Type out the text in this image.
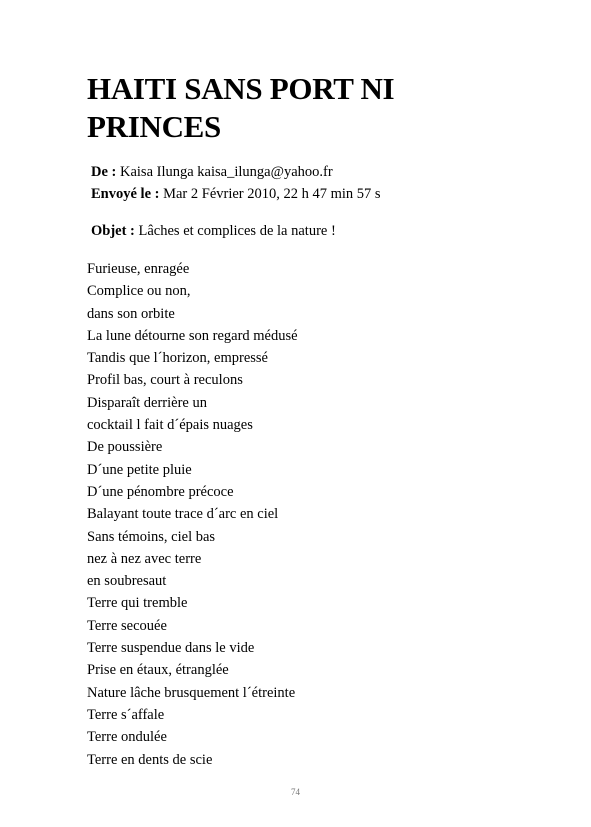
HAITI SANS PORT NI PRINCES
De : Kaisa Ilunga kaisa_ilunga@yahoo.fr
Envoyé le : Mar 2 Février 2010, 22 h 47 min 57 s
Objet : Lâches et complices de la nature !
Furieuse, enragée
Complice ou non,
dans son orbite
La lune détourne son regard médusé
Tandis que l´horizon, empressé
Profil bas, court à reculons
Disparaît derrière un
cocktail l fait d´épais nuages
De poussière
D´une petite pluie
D´une pénombre précoce
Balayant toute trace d´arc en ciel
Sans témoins, ciel bas
nez à nez avec terre
en soubresaut
Terre qui tremble
Terre secouée
Terre suspendue dans le vide
Prise en étaux, étranglée
Nature lâche brusquement l´étreinte
Terre s´affale
Terre ondulée
Terre en dents de scie
74
